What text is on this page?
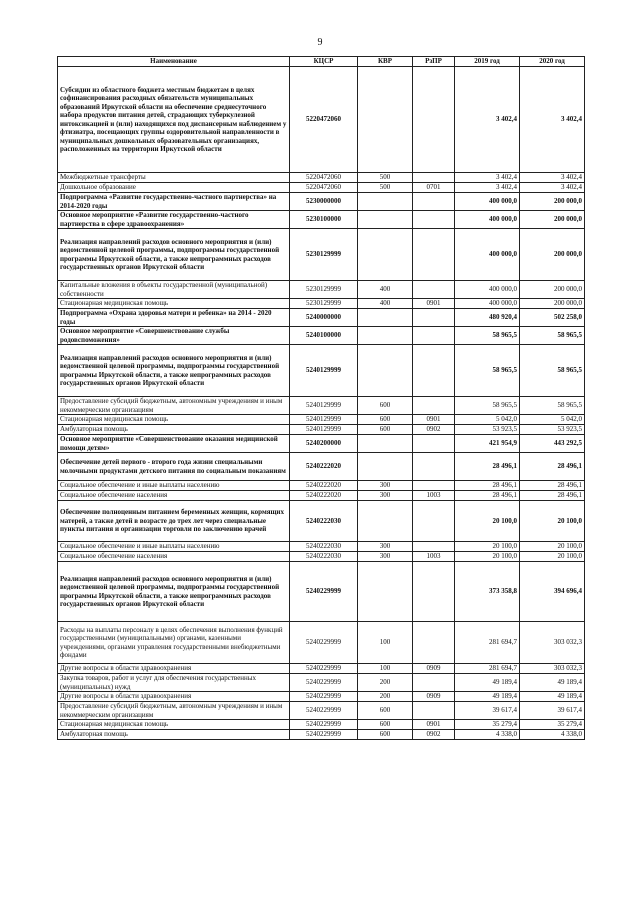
9
Наименование	КЦСР	КВР	РзПР	2019 год	2020 год
Субсидии из областного бюджета местным бюджетам в целях софинансирования расходных обязательств муниципальных образований Иркутской области на обеспечение среднесуточного набора продуктов питания детей, страдающих туберкулезной интоксикацией и (или) находящихся под диспансерным наблюдением у фтизиатра, посещающих группы оздоровительной направленности в муниципальных дошкольных образовательных организациях, расположенных на территории Иркутской области	5220472060			3 402,4	3 402,4
Межбюджетные трансферты	5220472060	500		3 402,4	3 402,4
Дошкольное образование	5220472060	500	0701	3 402,4	3 402,4
Подпрограмма «Развитие государственно-частного партнерства» на 2014-2020 годы	5230000000			400 000,0	200 000,0
Основное мероприятие «Развитие государственно-частного партнерства в сфере здравоохранения»	5230100000			400 000,0	200 000,0
Реализация направлений расходов основного мероприятия и (или) ведомственной целевой программы, подпрограммы государственной программы Иркутской области, а также непрограммных расходов государственных органов Иркутской области	5230129999			400 000,0	200 000,0
Капитальные вложения в объекты государственной (муниципальной) собственности	5230129999	400		400 000,0	200 000,0
Стационарная медицинская помощь	5230129999	400	0901	400 000,0	200 000,0
Подпрограмма «Охрана здоровья матери и ребенка» на 2014 - 2020 годы	5240000000			480 920,4	502 258,0
Основное мероприятие «Совершенствование службы родовспоможения»	5240100000			58 965,5	58 965,5
Реализация направлений расходов основного мероприятия и (или) ведомственной целевой программы, подпрограммы государственной программы Иркутской области, а также непрограммных расходов государственных органов Иркутской области	5240129999			58 965,5	58 965,5
Предоставление субсидий бюджетным, автономным учреждениям и иным некоммерческим организациям	5240129999	600		58 965,5	58 965,5
Стационарная медицинская помощь	5240129999	600	0901	5 042,0	5 042,0
Амбулаторная помощь	5240129999	600	0902	53 923,5	53 923,5
Основное мероприятие «Совершенствование оказания медицинской помощи детям»	5240200000			421 954,9	443 292,5
Обеспечение детей первого - второго года жизни специальными молочными продуктами детского питания по социальным показаниям	5240222020			28 496,1	28 496,1
Социальное обеспечение и иные выплаты населению	5240222020	300		28 496,1	28 496,1
Социальное обеспечение населения	5240222020	300	1003	28 496,1	28 496,1
Обеспечение полноценным питанием беременных женщин, кормящих матерей, а также детей в возрасте до трех лет через специальные пункты питания и организации торговли по заключению врачей	5240222030			20 100,0	20 100,0
Социальное обеспечение и иные выплаты населению	5240222030	300		20 100,0	20 100,0
Социальное обеспечение населения	5240222030	300	1003	20 100,0	20 100,0
Реализация направлений расходов основного мероприятия и (или) ведомственной целевой программы, подпрограммы государственной программы Иркутской области, а также непрограммных расходов государственных органов Иркутской области	5240229999			373 358,8	394 696,4
Расходы на выплаты персоналу в целях обеспечения выполнения функций государственными (муниципальными) органами, казенными учреждениями, органами управления государственными внебюджетными фондами	5240229999	100		281 694,7	303 032,3
Другие вопросы в области здравоохранения	5240229999	100	0909	281 694,7	303 032,3
Закупка товаров, работ и услуг для обеспечения государственных (муниципальных) нужд	5240229999	200		49 189,4	49 189,4
Другие вопросы в области здравоохранения	5240229999	200	0909	49 189,4	49 189,4
Предоставление субсидий бюджетным, автономным учреждениям и иным некоммерческим организациям	5240229999	600		39 617,4	39 617,4
Стационарная медицинская помощь	5240229999	600	0901	35 279,4	35 279,4
Амбулаторная помощь	5240229999	600	0902	4 338,0	4 338,0
